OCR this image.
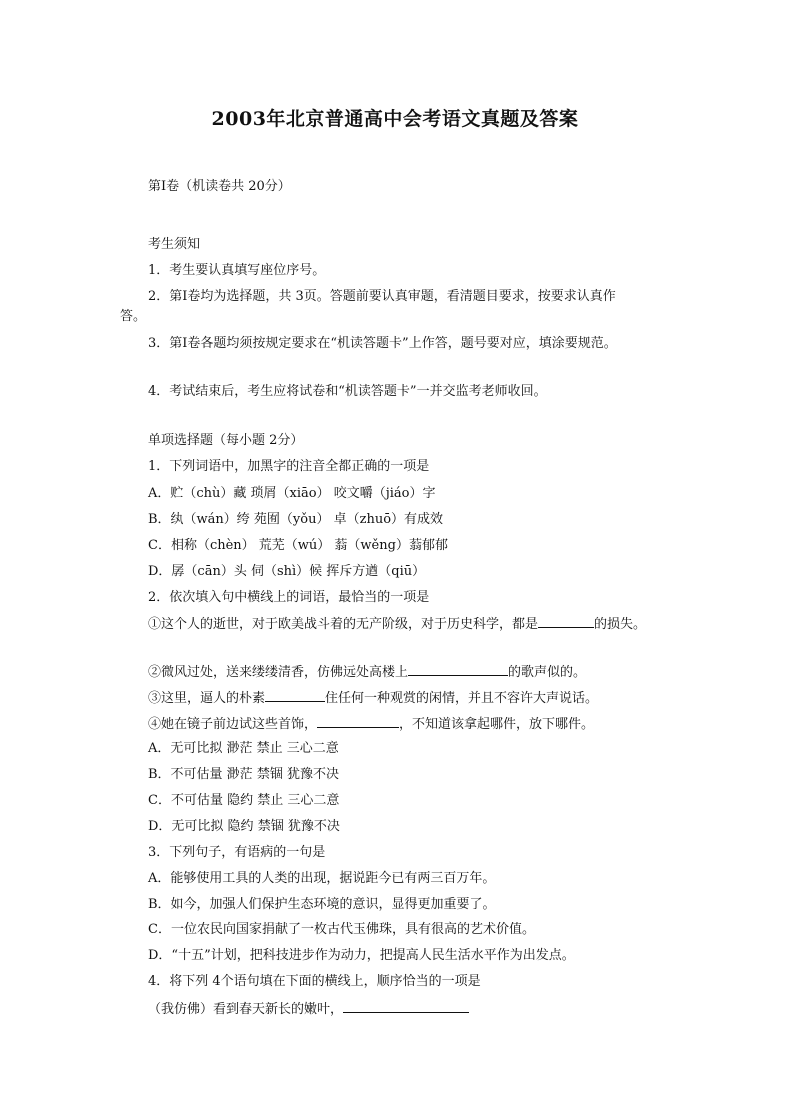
2003年北京普通高中会考语文真题及答案
第Ⅰ卷（机读卷共 20分）
考生须知
1．考生要认真填写座位序号。
2．第Ⅰ卷均为选择题，共 3页。答题前要认真审题，看清题目要求，按要求认真作
答。
3．第Ⅰ卷各题均须按规定要求在“机读答题卡”上作答，题号要对应，填涂要规范。
4．考试结束后，考生应将试卷和“机读答题卡”一并交监考老师收回。
单项选择题（每小题 2分）
1．下列词语中，加黑字的注音全都正确的一项是
A．贮（chù）藏 琐屑（xiāo） 咬文嚼（jiáo）字
B．纨（wán）绔 苑囿（yǒu） 卓（zhuō）有成效
C．相称（chèn） 荒芜（wú） 蓊（wěng）蓊郁郁
D．孱（cān）头 伺（shì）候 挥斥方遒（qiū）
2．依次填入句中横线上的词语，最恰当的一项是
①这个人的逝世，对于欧美战斗着的无产阶级，对于历史科学，都是	的损失。
②微风过处，送来缕缕清香，仿佛远处高楼上	的歌声似的。
③这里，逼人的朴素	住任何一种观赏的闲情，并且不容许大声说话。
④她在镜子前边试这些首饰，	，不知道该拿起哪件，放下哪件。
A．无可比拟 渺茫 禁止 三心二意
B．不可估量 渺茫 禁锢 犹豫不决
C．不可估量 隐约 禁止 三心二意
D．无可比拟 隐约 禁锢 犹豫不决
3．下列句子，有语病的一句是
A．能够使用工具的人类的出现，据说距今已有两三百万年。
B．如今，加强人们保护生态环境的意识，显得更加重要了。
C．一位农民向国家捐献了一枚古代玉佛珠，具有很高的艺术价值。
D．“十五”计划，把科技进步作为动力，把提高人民生活水平作为出发点。
4．将下列 4个语句填在下面的横线上，顺序恰当的一项是
（我仿佛）看到春天新长的嫩叶，
